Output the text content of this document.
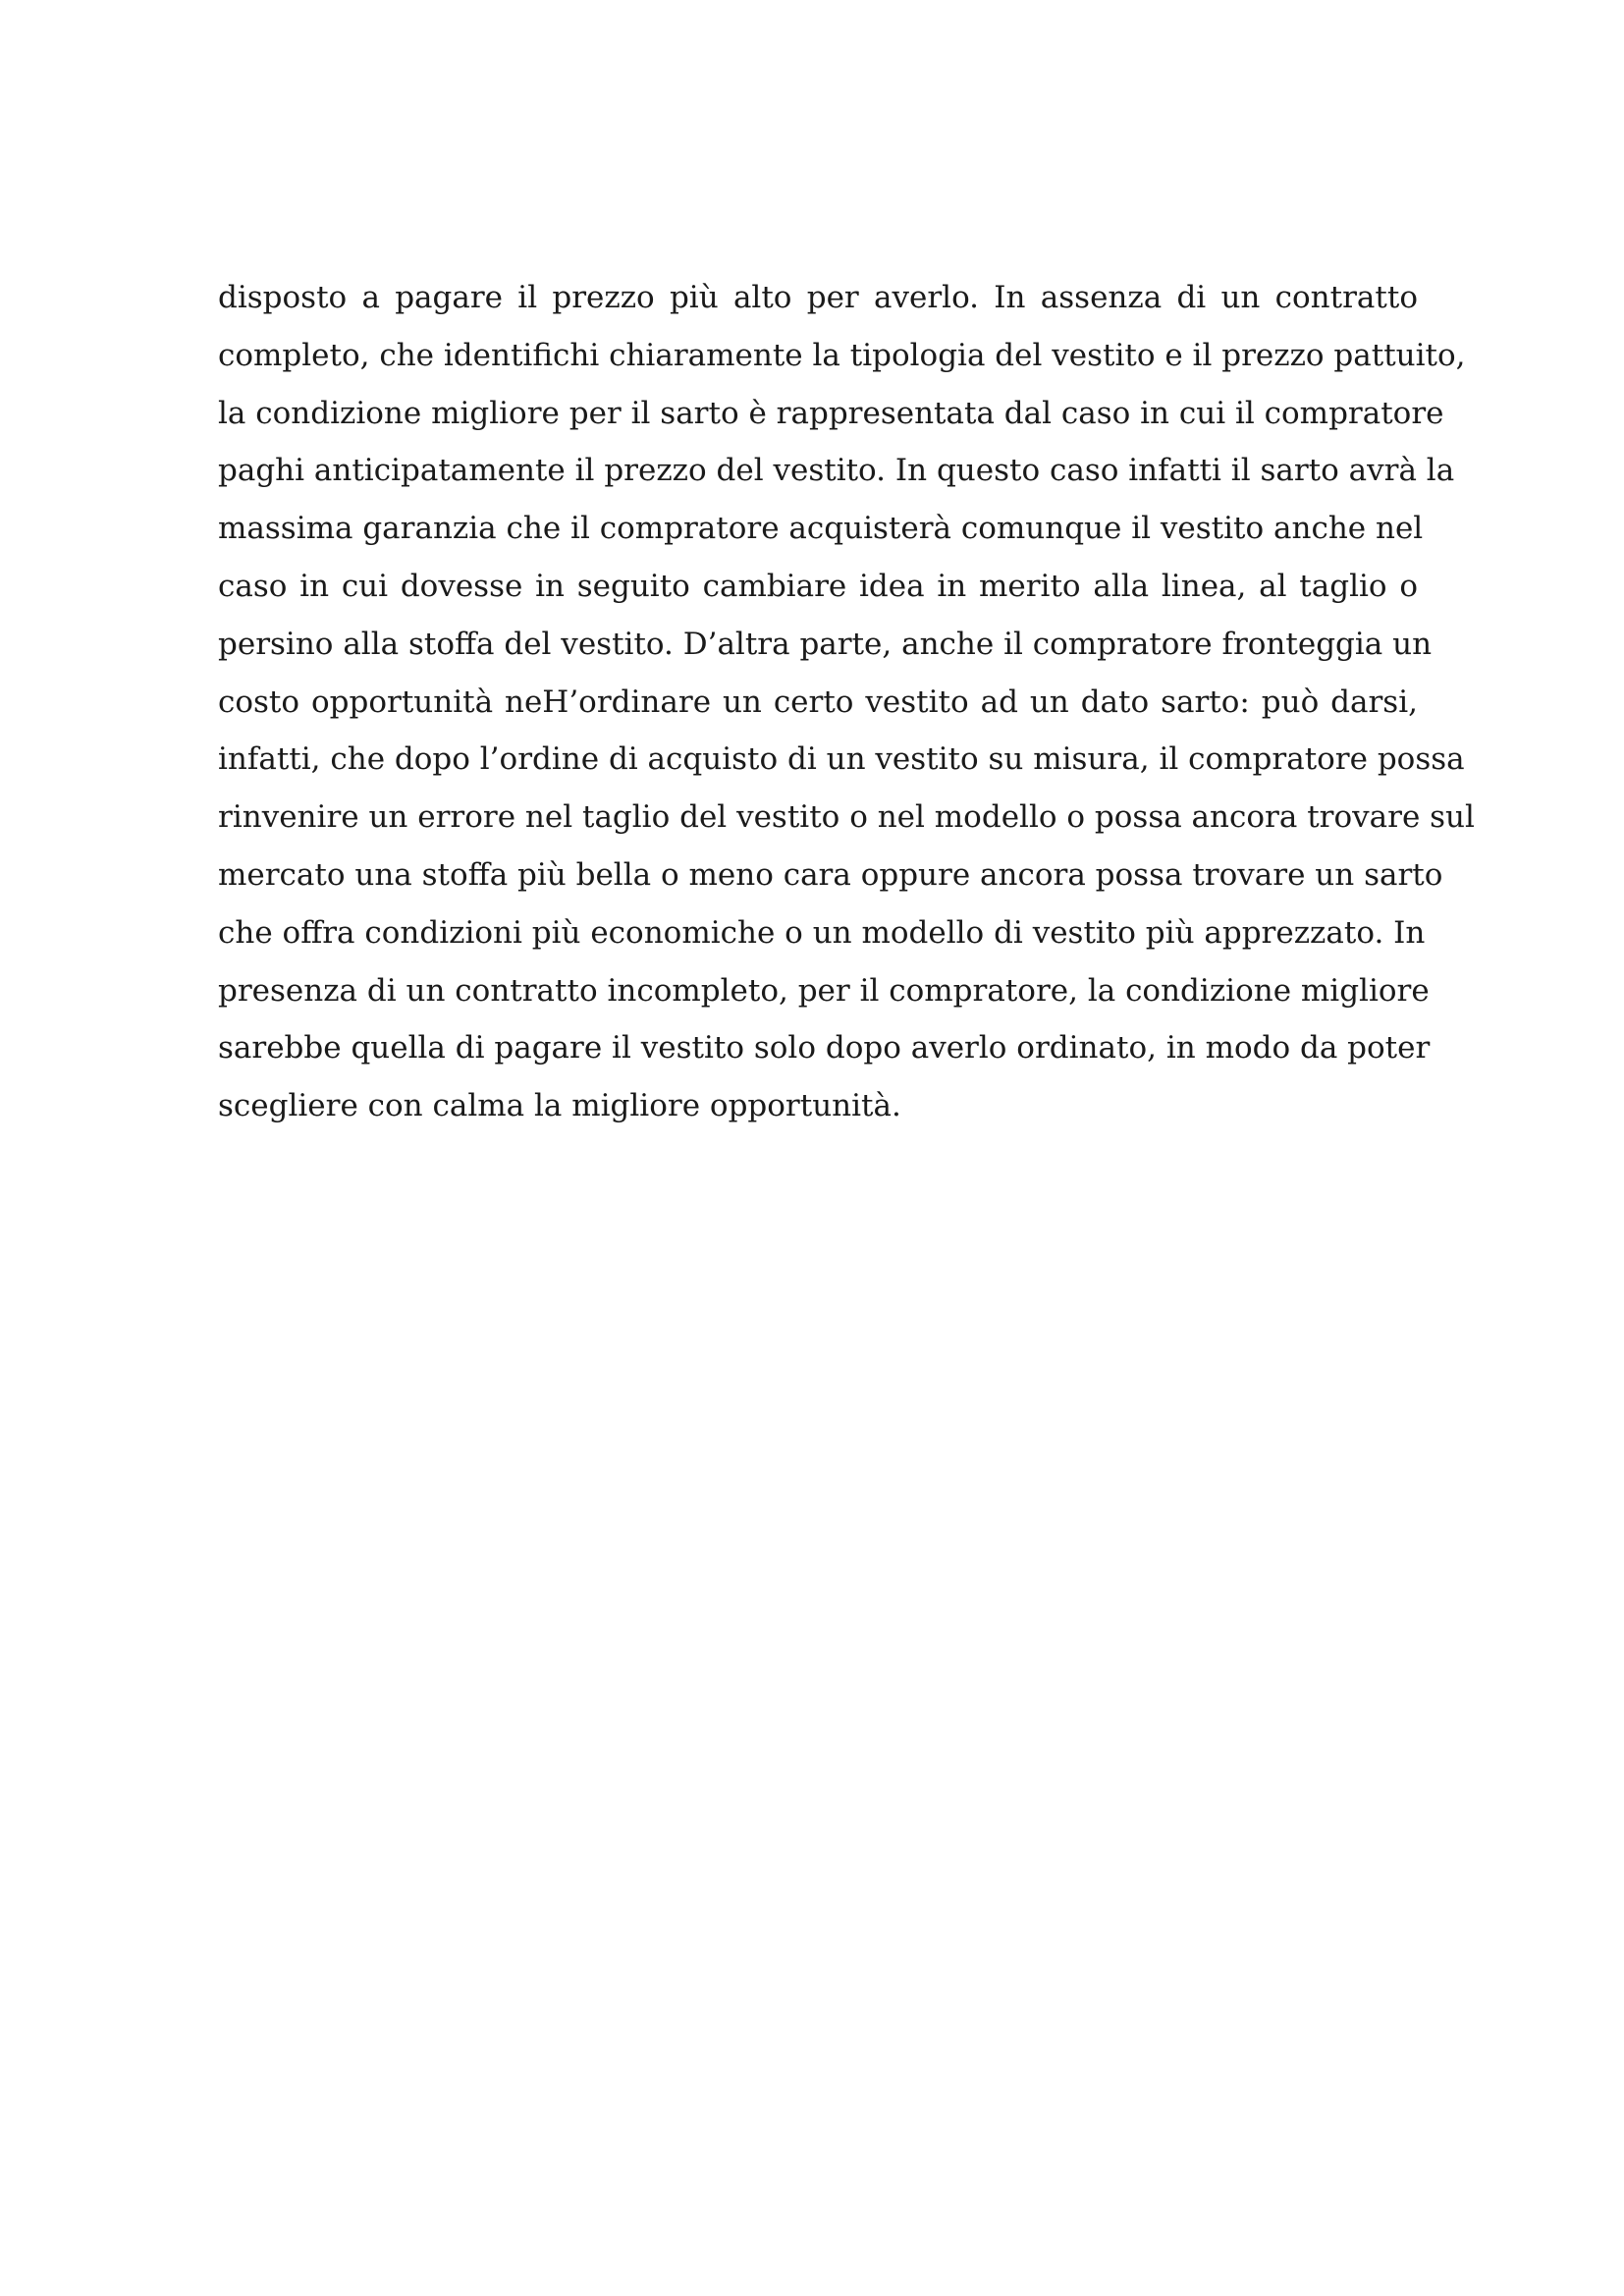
disposto a pagare il prezzo più alto per averlo. In assenza di un contratto
completo, che identifichi chiaramente la tipologia del vestito e il prezzo pattuito,
la condizione migliore per il sarto è rappresentata dal caso in cui il compratore
paghi anticipatamente il prezzo del vestito. In questo caso infatti il sarto avrà la
massima garanzia che il compratore acquisterà comunque il vestito anche nel
caso in cui dovesse in seguito cambiare idea in merito alla linea, al taglio o
persino alla stoffa del vestito. D’altra parte, anche il compratore fronteggia un
costo opportunità neH’ordinare un certo vestito ad un dato sarto: può darsi,
infatti, che dopo l’ordine di acquisto di un vestito su misura, il compratore possa
rinvenire un errore nel taglio del vestito o nel modello o possa ancora trovare sul
mercato una stoffa più bella o meno cara oppure ancora possa trovare un sarto
che offra condizioni più economiche o un modello di vestito più apprezzato. In
presenza di un contratto incompleto, per il compratore, la condizione migliore
sarebbe quella di pagare il vestito solo dopo averlo ordinato, in modo da poter
scegliere con calma la migliore opportunità.
